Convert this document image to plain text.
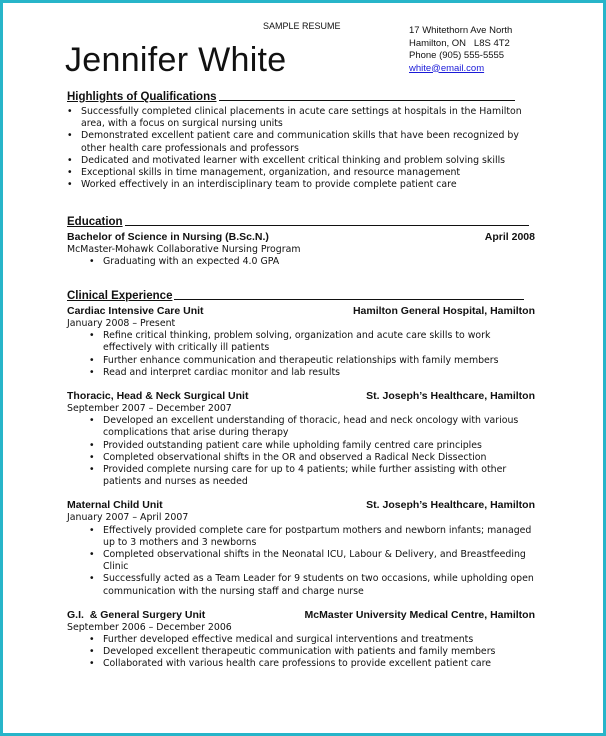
SAMPLE RESUME
Jennifer White
17 Whitethorn Ave North
Hamilton, ON   L8S 4T2
Phone (905) 555-5555
white@email.com
Highlights of Qualifications
• Successfully completed clinical placements in acute care settings at hospitals in the Hamilton area, with a focus on surgical nursing units
• Demonstrated excellent patient care and communication skills that have been recognized by other health care professionals and professors
• Dedicated and motivated learner with excellent critical thinking and problem solving skills
• Exceptional skills in time management, organization, and resource management
• Worked effectively in an interdisciplinary team to provide complete patient care
Education
Bachelor of Science in Nursing (B.Sc.N.)	April 2008
McMaster-Mohawk Collaborative Nursing Program
• Graduating with an expected 4.0 GPA
Clinical Experience
Cardiac Intensive Care Unit	Hamilton General Hospital, Hamilton
January 2008 – Present
• Refine critical thinking, problem solving, organization and acute care skills to work effectively with critically ill patients
• Further enhance communication and therapeutic relationships with family members
• Read and interpret cardiac monitor and lab results
Thoracic, Head & Neck Surgical Unit	St. Joseph’s Healthcare, Hamilton
September 2007 – December 2007
• Developed an excellent understanding of thoracic, head and neck oncology with various complications that arise during therapy
• Provided outstanding patient care while upholding family centred care principles
• Completed observational shifts in the OR and observed a Radical Neck Dissection
• Provided complete nursing care for up to 4 patients; while further assisting with other patients and nurses as needed
Maternal Child Unit	St. Joseph’s Healthcare, Hamilton
January 2007 – April 2007
• Effectively provided complete care for postpartum mothers and newborn infants; managed up to 3 mothers and 3 newborns
• Completed observational shifts in the Neonatal ICU, Labour & Delivery, and Breastfeeding Clinic
• Successfully acted as a Team Leader for 9 students on two occasions, while upholding open communication with the nursing staff and charge nurse
G.I.  & General Surgery Unit	McMaster University Medical Centre, Hamilton
September 2006 – December 2006
• Further developed effective medical and surgical interventions and treatments
• Developed excellent therapeutic communication with patients and family members
• Collaborated with various health care professions to provide excellent patient care
